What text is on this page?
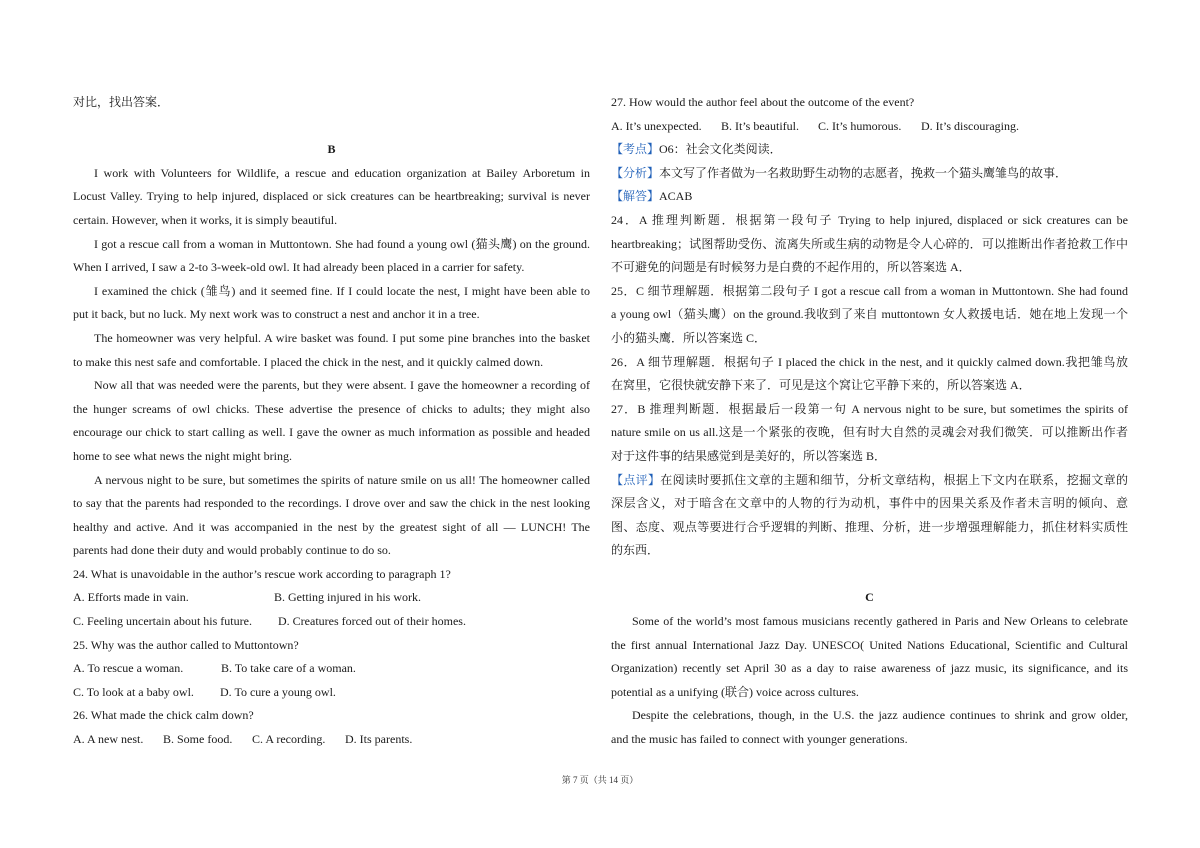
对比，找出答案．
B
I work with Volunteers for Wildlife, a rescue and education organization at Bailey Arboretum in
Locust Valley. Trying to help injured, displaced or sick creatures can be heartbreaking; survival is never
certain. However, when it works, it is simply beautiful.
I got a rescue call from a woman in Muttontown. She had found a young owl (猫头鹰) on the ground.
When I arrived, I saw a 2-to 3-week-old owl. It had already been placed in a carrier for safety.
I examined the chick (雏鸟) and it seemed fine. If I could locate the nest, I might have been able to
put it back, but no luck. My next work was to construct a nest and anchor it in a tree.
The homeowner was very helpful. A wire basket was found. I put some pine branches into the basket
to make this nest safe and comfortable. I placed the chick in the nest, and it quickly calmed down.
Now all that was needed were the parents, but they were absent. I gave the homeowner a recording of
the hunger screams of owl chicks. These advertise the presence of chicks to adults; they might also
encourage our chick to start calling as well. I gave the owner as much information as possible and headed
home to see what news the night might bring.
A nervous night to be sure, but sometimes the spirits of nature smile on us all! The homeowner called
to say that the parents had responded to the recordings. I drove over and saw the chick in the nest looking
healthy and active. And it was accompanied in the nest by the greatest sight of all — LUNCH! The
parents had done their duty and would probably continue to do so.
24. What is unavoidable in the author’s rescue work according to paragraph 1?
A. Efforts made in vain.	B. Getting injured in his work.
C. Feeling uncertain about his future.	D. Creatures forced out of their homes.
25. Why was the author called to Muttontown?
A. To rescue a woman.	B. To take care of a woman.
C. To look at a baby owl.	D. To cure a young owl.
26. What made the chick calm down?
A. A new nest.	B. Some food.	C. A recording.	D. Its parents.
27. How would the author feel about the outcome of the event?
A. It’s unexpected.	B. It’s beautiful.	C. It’s humorous.	D. It’s discouraging.
【考点】O6：社会文化类阅读．
【分析】本文写了作者做为一名救助野生动物的志愿者，挽救一个猫头鹰雏鸟的故事．
【解答】ACAB
24．A 推理判断题．根据第一段句子 Trying to help injured, displaced or sick creatures can be
heartbreaking；试图帮助受伤、流离失所或生病的动物是令人心碎的．可以推断出作者抢救工作中
不可避免的问题是有时候努力是白费的不起作用的，所以答案选 A．
25．C 细节理解题．根据第二段句子 I got a rescue call from a woman in Muttontown. She had found
a young owl（猫头鹰）on the ground.我收到了来自 muttontown 女人救援电话．她在地上发现一个
小的猫头鹰．所以答案选 C．
26．A 细节理解题．根据句子 I placed the chick in the nest, and it quickly calmed down.我把雏鸟放
在窝里，它很快就安静下来了．可见是这个窝让它平静下来的，所以答案选 A．
27．B 推理判断题．根据最后一段第一句 A nervous night to be sure, but sometimes the spirits of
nature smile on us all.这是一个紧张的夜晚，但有时大自然的灵魂会对我们微笑．可以推断出作者
对于这件事的结果感觉到是美好的，所以答案选 B．
【点评】在阅读时要抓住文章的主题和细节，分析文章结构，根据上下文内在联系，挖掘文章的
深层含义，对于暗含在文章中的人物的行为动机，事件中的因果关系及作者未言明的倾向、意
图、态度、观点等要进行合乎逻辑的判断、推理、分析，进一步增强理解能力，抓住材料实质性
的东西．
C
Some of the world’s most famous musicians recently gathered in Paris and New Orleans to celebrate
the first annual International Jazz Day. UNESCO( United Nations Educational, Scientific and Cultural
Organization) recently set April 30 as a day to raise awareness of jazz music, its significance, and its
potential as a unifying (联合) voice across cultures.
Despite the celebrations, though, in the U.S. the jazz audience continues to shrink and grow older,
and the music has failed to connect with younger generations.
第 7 页（共 14 页）
